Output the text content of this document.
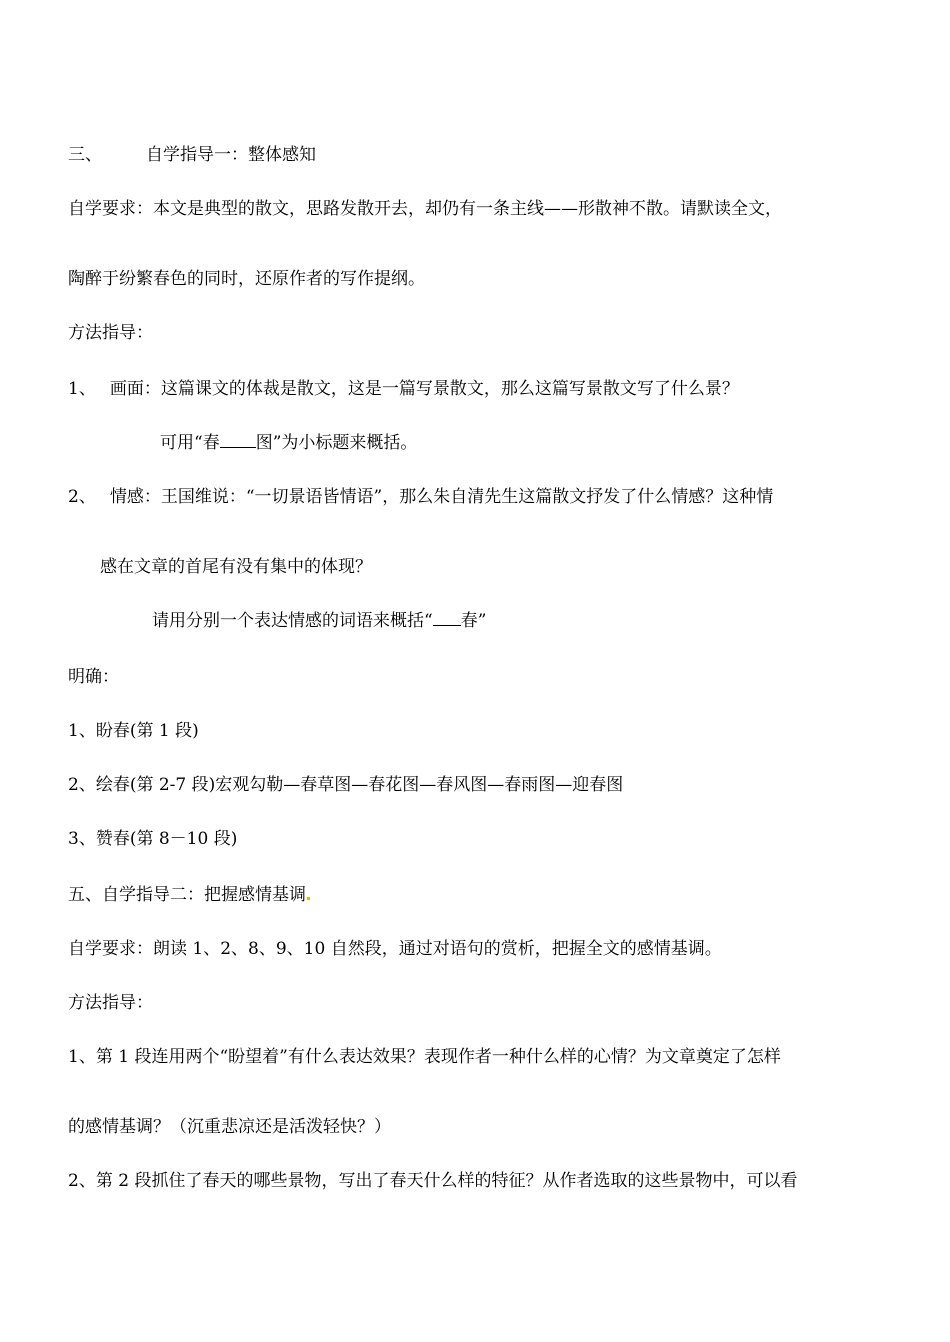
三、	自学指导一：整体感知
自学要求：本文是典型的散文，思路发散开去，却仍有一条主线——形散神不散。请默读全文，
陶醉于纷繁春色的同时，还原作者的写作提纲。
方法指导：
1、 画面：这篇课文的体裁是散文，这是一篇写景散文，那么这篇写景散文写了什么景？
可用“春 图”为小标题来概括。
2、 情感：王国维说：“一切景语皆情语”，那么朱自清先生这篇散文抒发了什么情感？这种情
感在文章的首尾有没有集中的体现？
请用分别一个表达情感的词语来概括“ 春”
明确：
1、盼春(第 1 段)
2、绘春(第 2-7 段)宏观勾勒—春草图—春花图—春风图—春雨图—迎春图
3、赞春(第 8－10 段)
五、自学指导二：把握感情基调
自学要求：朗读 1、2、8、9、10 自然段，通过对语句的赏析，把握全文的感情基调。
方法指导：
1、第 1 段连用两个“盼望着”有什么表达效果？表现作者一种什么样的心情？为文章奠定了怎样
的感情基调？（沉重悲凉还是活泼轻快？）
2、第 2 段抓住了春天的哪些景物，写出了春天什么样的特征？从作者选取的这些景物中，可以看
